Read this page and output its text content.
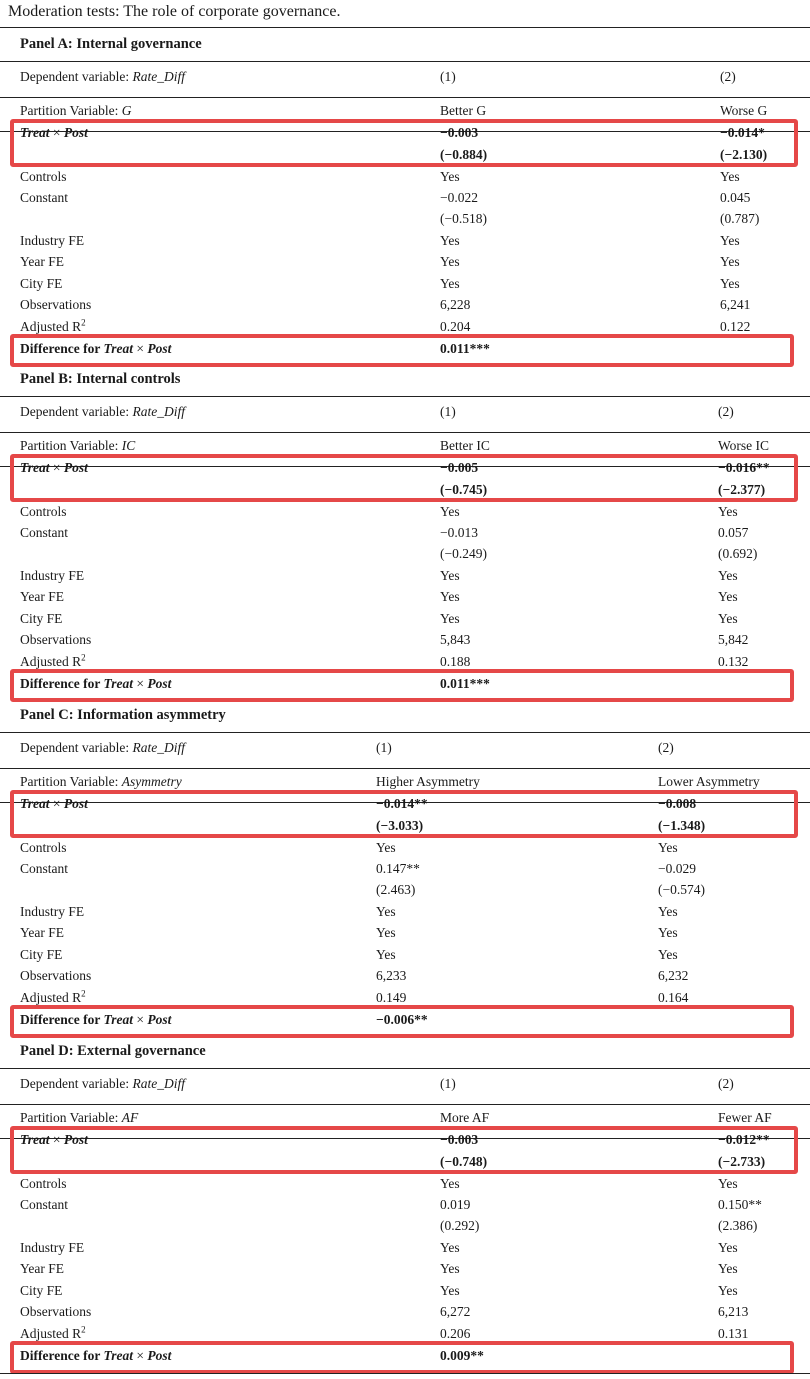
Moderation tests: The role of corporate governance.
Panel A: Internal governance
Dependent variable: Rate_Diff	(1)	(2)
Partition Variable: G	Better G	Worse G
Treat × Post	−0.003	−0.014*
(−0.884)	(−2.130)
Controls	Yes	Yes
Constant	−0.022	0.045
(−0.518)	(0.787)
Industry FE	Yes	Yes
Year FE	Yes	Yes
City FE	Yes	Yes
Observations	6,228	6,241
Adjusted $R^2$	0.204	0.122
Difference for Treat × Post	0.011***
Panel B: Internal controls
Dependent variable: Rate_Diff	(1)	(2)
Partition Variable: IC	Better IC	Worse IC
Treat × Post	−0.005	−0.016**
(−0.745)	(−2.377)
Controls	Yes	Yes
Constant	−0.013	0.057
(−0.249)	(0.692)
Industry FE	Yes	Yes
Year FE	Yes	Yes
City FE	Yes	Yes
Observations	5,843	5,842
Adjusted $R^2$	0.188	0.132
Difference for Treat × Post	0.011***
Panel C: Information asymmetry
Dependent variable: Rate_Diff	(1)	(2)
Partition Variable: Asymmetry	Higher Asymmetry	Lower Asymmetry
Treat × Post	−0.014**	−0.008
(−3.033)	(−1.348)
Controls	Yes	Yes
Constant	0.147**	−0.029
(2.463)	(−0.574)
Industry FE	Yes	Yes
Year FE	Yes	Yes
City FE	Yes	Yes
Observations	6,233	6,232
Adjusted $R^2$	0.149	0.164
Difference for Treat × Post	−0.006**
Panel D: External governance
Dependent variable: Rate_Diff	(1)	(2)
Partition Variable: AF	More AF	Fewer AF
Treat × Post	−0.003	−0.012**
(−0.748)	(−2.733)
Controls	Yes	Yes
Constant	0.019	0.150**
(0.292)	(2.386)
Industry FE	Yes	Yes
Year FE	Yes	Yes
City FE	Yes	Yes
Observations	6,272	6,213
Adjusted $R^2$	0.206	0.131
Difference for Treat × Post	0.009**
